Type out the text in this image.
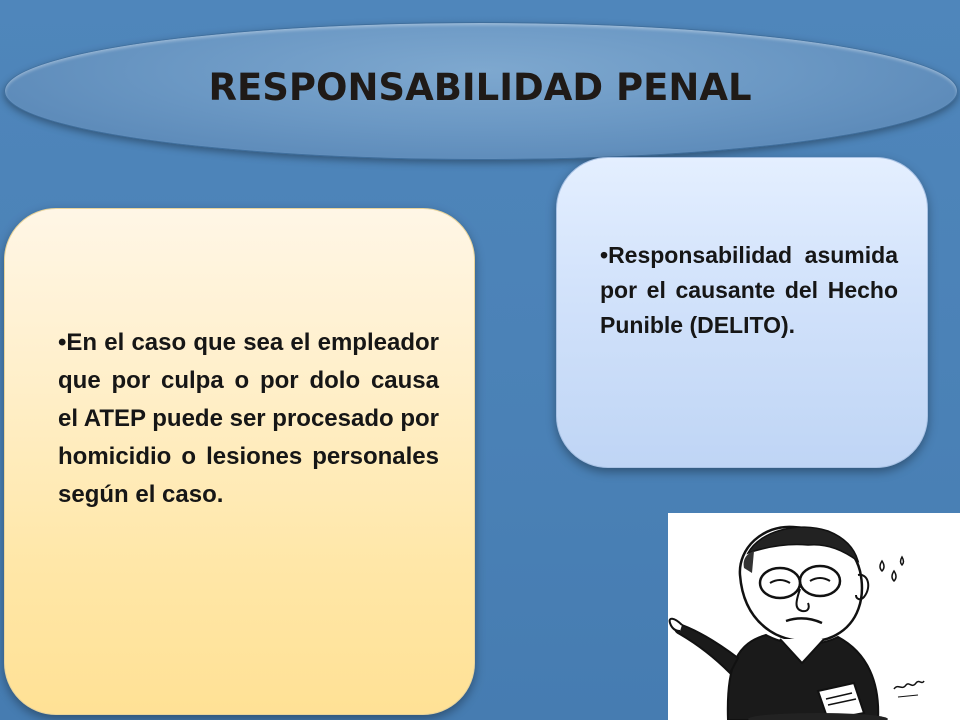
RESPONSABILIDAD PENAL

•En el caso que sea el empleador que por culpa o por dolo causa el ATEP puede ser procesado por homicidio o lesiones personales según el caso.

•Responsabilidad asumida por el causante del Hecho Punible (DELITO).
